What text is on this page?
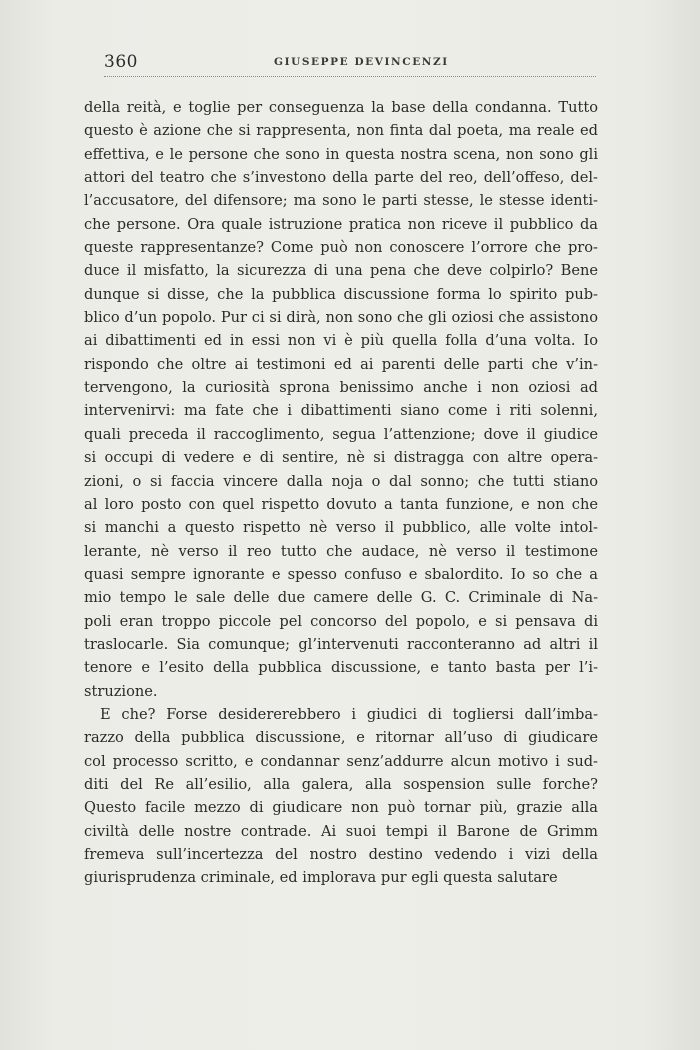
360	GIUSEPPE DEVINCENZI
della reità, e toglie per conseguenza la base della condanna. Tutto
questo è azione che si rappresenta, non finta dal poeta, ma reale ed
effettiva, e le persone che sono in questa nostra scena, non sono gli
attori del teatro che s’investono della parte del reo, dell’offeso, del-
l’accusatore, del difensore; ma sono le parti stesse, le stesse identi-
che persone. Ora quale istruzione pratica non riceve il pubblico da
queste rappresentanze? Come può non conoscere l’orrore che pro-
duce il misfatto, la sicurezza di una pena che deve colpirlo? Bene
dunque si disse, che la pubblica discussione forma lo spirito pub-
blico d’un popolo. Pur ci si dirà, non sono che gli oziosi che assistono
ai dibattimenti ed in essi non vi è più quella folla d’una volta. Io
rispondo che oltre ai testimoni ed ai parenti delle parti che v’in-
tervengono, la curiosità sprona benissimo anche i non oziosi ad
intervenirvi: ma fate che i dibattimenti siano come i riti solenni,
quali preceda il raccoglimento, segua l’attenzione; dove il giudice
si occupi di vedere e di sentire, nè si distragga con altre opera-
zioni, o si faccia vincere dalla noja o dal sonno; che tutti stiano
al loro posto con quel rispetto dovuto a tanta funzione, e non che
si manchi a questo rispetto nè verso il pubblico, alle volte intol-
lerante, nè verso il reo tutto che audace, nè verso il testimone
quasi sempre ignorante e spesso confuso e sbalordito. Io so che a
mio tempo le sale delle due camere delle G. C. Criminale di Na-
poli eran troppo piccole pel concorso del popolo, e si pensava di
traslocarle. Sia comunque; gl’intervenuti racconteranno ad altri il
tenore e l’esito della pubblica discussione, e tanto basta per l’i-
struzione.
E che? Forse desidererebbero i giudici di togliersi dall’imba-
razzo della pubblica discussione, e ritornar all’uso di giudicare
col processo scritto, e condannar senz’addurre alcun motivo i sud-
diti del Re all’esilio, alla galera, alla sospension sulle forche?
Questo facile mezzo di giudicare non può tornar più, grazie alla
civiltà delle nostre contrade. Ai suoi tempi il Barone de Grimm
fremeva sull’incertezza del nostro destino vedendo i vizi della
giurisprudenza criminale, ed implorava pur egli questa salutare
